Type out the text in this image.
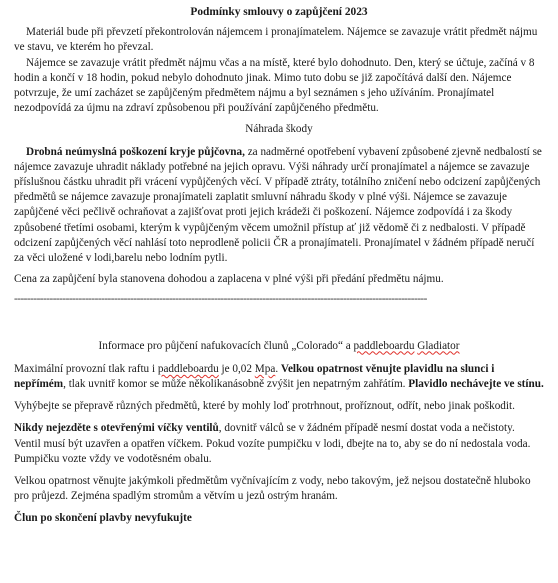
Podmínky smlouvy o zapůjčení 2023

Materiál bude při převzetí překontrolován nájemcem i pronajímatelem. Nájemce se zavazuje vrátit předmět nájmu ve stavu, ve kterém ho převzal.

Nájemce se zavazuje vrátit předmět nájmu včas a na místě, které bylo dohodnuto. Den, který se účtuje, začíná v 8 hodin a končí v 18 hodin, pokud nebylo dohodnuto jinak. Mimo tuto dobu se již započítává další den. Nájemce potvrzuje, že umí zacházet se zapůjčeným předmětem nájmu a byl seznámen s jeho užíváním. Pronajímatel nezodpovídá za újmu na zdraví způsobenou při používání zapůjčeného předmětu.

Náhrada škody

Drobná neúmyslná poškození kryje půjčovna, za nadměrné opotřebení vybavení způsobené zjevně nedbalostí se nájemce zavazuje uhradit náklady potřebné na jejich opravu. Výši náhrady určí pronajímatel a nájemce se zavazuje příslušnou částku uhradit při vrácení vypůjčených věcí. V případě ztráty, totálního zničení nebo odcizení zapůjčených předmětů se nájemce zavazuje pronajímateli zaplatit smluvní náhradu škody v plné výši. Nájemce se zavazuje zapůjčené věci pečlivě ochraňovat a zajišťovat proti jejich krádeži či poškození. Nájemce zodpovídá i za škody způsobené třetími osobami, kterým k vypůjčeným věcem umožnil přístup ať již vědomě či z nedbalosti. V případě odcizení zapůjčených věcí nahlásí toto neprodleně policii ČR a pronajímateli. Pronajímatel v žádném případě neručí za věci uložené v lodi,barelu nebo lodním pytli.

Cena za zapůjčení byla stanovena dohodou a zaplacena v plné výši při předání předmětu nájmu.

--------------------------------------------------------------------------------------------------------------------------------

Informace pro půjčení nafukovacích člunů „Colorado“ a paddleboardu Gladiator

Maximální provozní tlak raftu i paddleboardu je 0,02 Mpa. Velkou opatrnost věnujte plavidlu na slunci i nepřímém, tlak uvnitř komor se může několikanásobně zvýšit jen nepatrným zahřátím. Plavidlo nechávejte ve stínu.

Vyhýbejte se přepravě různých předmětů, které by mohly loď protrhnout, proříznout, odřít, nebo jinak poškodit.

Nikdy nejezděte s otevřenými víčky ventilů, dovnitř válců se v žádném případě nesmí dostat voda a nečistoty. Ventil musí být uzavřen a opatřen víčkem. Pokud vozíte pumpičku v lodi, dbejte na to, aby se do ní nedostala voda. Pumpičku vozte vždy ve vodotěsném obalu.

Velkou opatrnost věnujte jakýmkoli předmětům vyčnívajícím z vody, nebo takovým, jež nejsou dostatečně hluboko pro průjezd. Zejména spadlým stromům a větvím u jezů ostrým hranám.

Člun po skončení plavby nevyfukujte
